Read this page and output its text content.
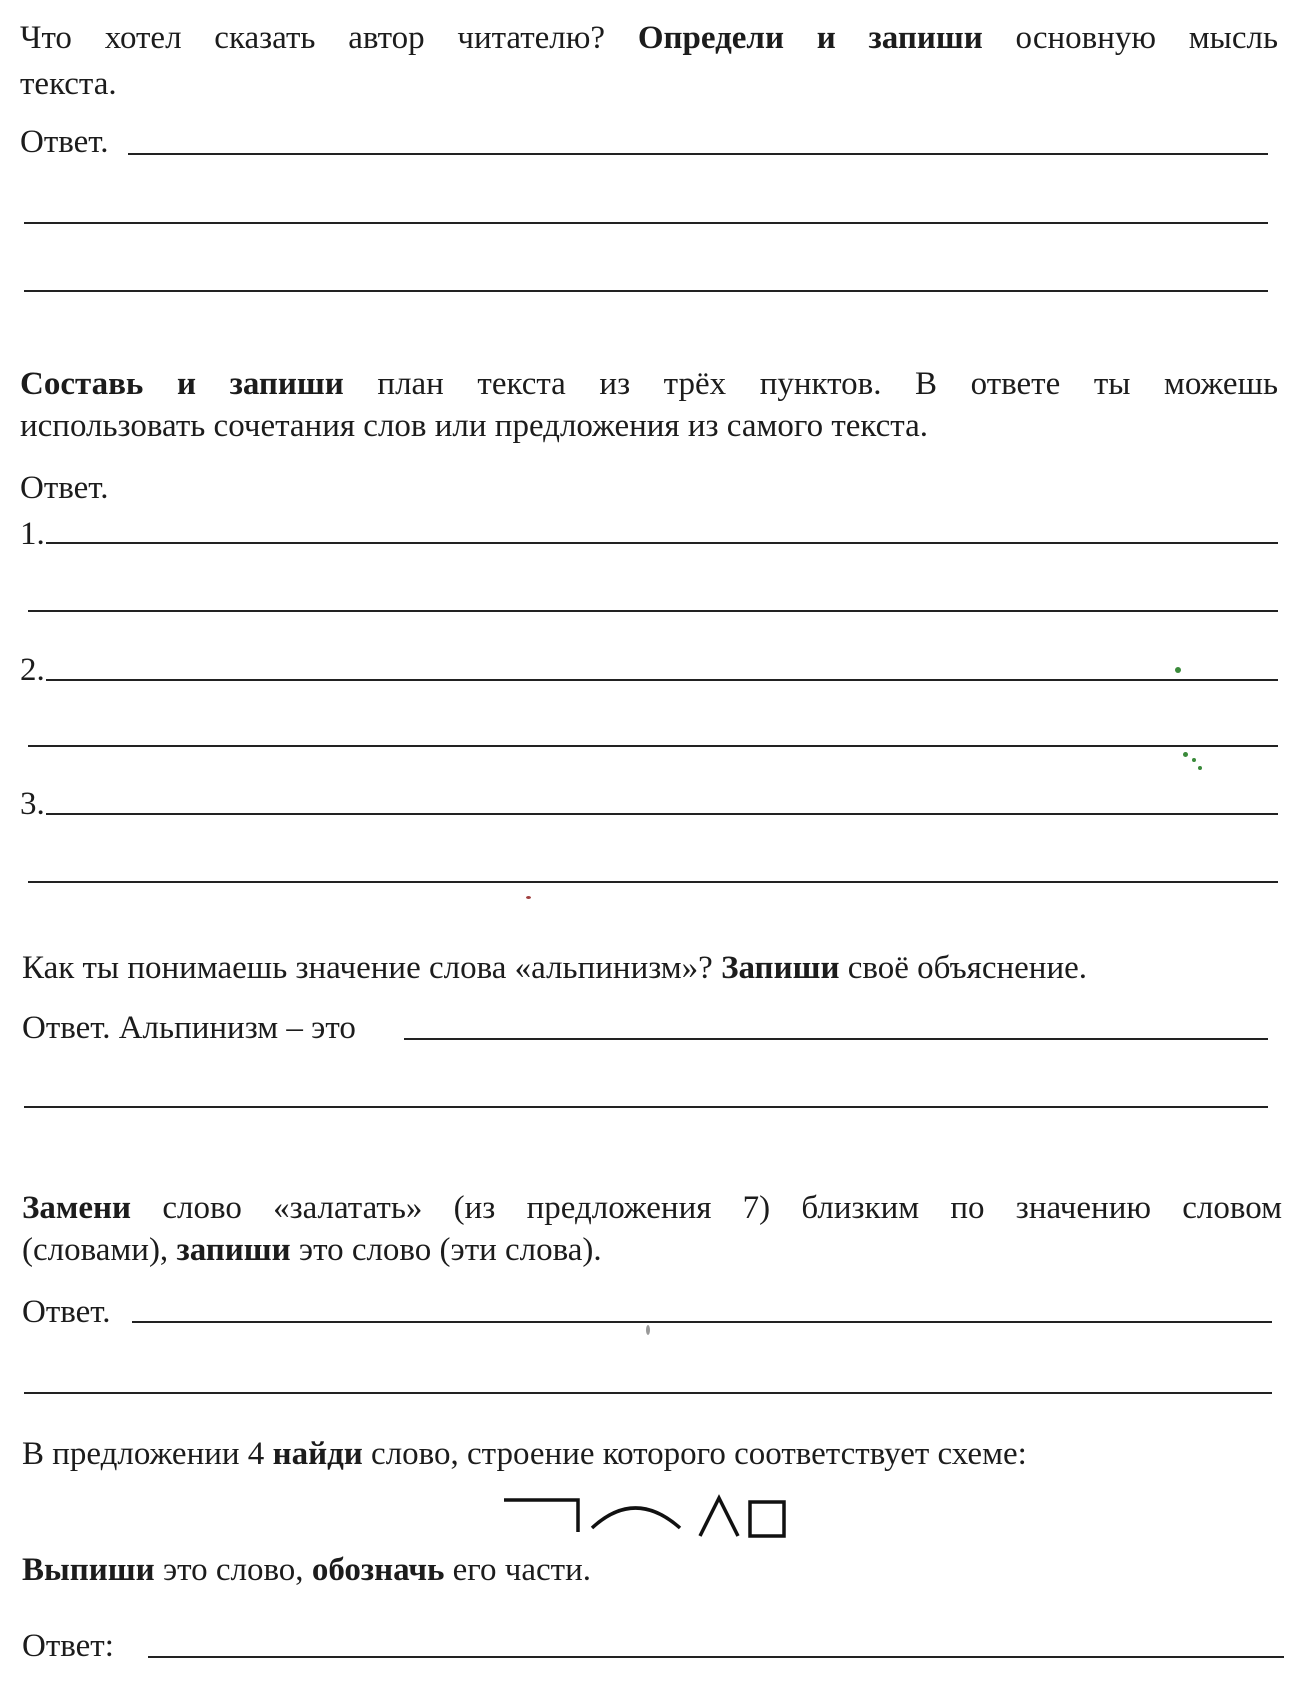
Что хотел сказать автор читателю? Определи и запиши основную мысль
текста.
Ответ.
Составь и запиши план текста из трёх пунктов. В ответе ты можешь
использовать сочетания слов или предложения из самого текста.
Ответ.
1.
2.
3.
Как ты понимаешь значение слова «альпинизм»? Запиши своё объяснение.
Ответ. Альпинизм – это
Замени слово «залатать» (из предложения 7) близким по значению словом
(словами), запиши это слово (эти слова).
Ответ.
В предложении 4 найди слово, строение которого соответствует схеме:
Выпиши это слово, обозначь его части.
Ответ:
